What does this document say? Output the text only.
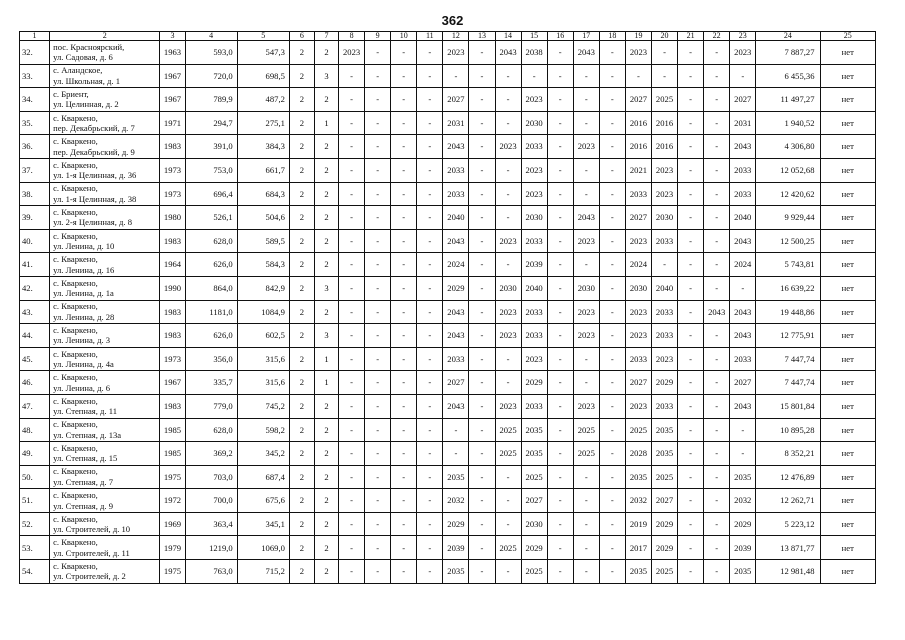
362
1	2	3	4	5	6	7	8	9	10	11	12	13	14	15	16	17	18	19	20	21	22	23	24	25
32.	пос. Красноярский,
ул. Садовая, д. 6	1963	593,0	547,3	2	2	2023	-	-	-	2023	-	2043	2038	-	2043	-	2023	-	-	-	2023	7 887,27	нет
33.	с. Аландское,
ул. Школьная, д. 1	1967	720,0	698,5	2	3	-	-	-	-	-	-	-	-	-	-	-	-	-	-	-	-	6 455,36	нет
34.	с. Бриент,
ул. Целинная, д. 2	1967	789,9	487,2	2	2	-	-	-	-	2027	-	-	2023	-	-	-	2027	2025	-	-	2027	11 497,27	нет
35.	с. Кваркено,
пер. Декабрьский, д. 7	1971	294,7	275,1	2	1	-	-	-	-	2031	-	-	2030	-	-	-	2016	2016	-	-	2031	1 940,52	нет
36.	с. Кваркено,
пер. Декабрьский, д. 9	1983	391,0	384,3	2	2	-	-	-	-	2043	-	2023	2033	-	2023	-	2016	2016	-	-	2043	4 306,80	нет
37.	с. Кваркено,
ул. 1-я Целинная, д. 36	1973	753,0	661,7	2	2	-	-	-	-	2033	-	-	2023	-	-	-	2021	2023	-	-	2033	12 052,68	нет
38.	с. Кваркено,
ул. 1-я Целинная, д. 38	1973	696,4	684,3	2	2	-	-	-	-	2033	-	-	2023	-	-	-	2033	2023	-	-	2033	12 420,62	нет
39.	с. Кваркено,
ул. 2-я Целинная, д. 8	1980	526,1	504,6	2	2	-	-	-	-	2040	-	-	2030	-	2043	-	2027	2030	-	-	2040	9 929,44	нет
40.	с. Кваркено,
ул. Ленина, д. 10	1983	628,0	589,5	2	2	-	-	-	-	2043	-	2023	2033	-	2023	-	2023	2033	-	-	2043	12 500,25	нет
41.	с. Кваркено,
ул. Ленина, д. 16	1964	626,0	584,3	2	2	-	-	-	-	2024	-	-	2039	-	-	-	2024	-	-	-	2024	5 743,81	нет
42.	с. Кваркено,
ул. Ленина, д. 1а	1990	864,0	842,9	2	3	-	-	-	-	2029	-	2030	2040	-	2030	-	2030	2040	-	-	-	16 639,22	нет
43.	с. Кваркено,
ул. Ленина, д. 28	1983	1181,0	1084,9	2	2	-	-	-	-	2043	-	2023	2033	-	2023	-	2023	2033	-	2043	2043	19 448,86	нет
44.	с. Кваркено,
ул. Ленина, д. 3	1983	626,0	602,5	2	3	-	-	-	-	2043	-	2023	2033	-	2023	-	2023	2033	-	-	2043	12 775,91	нет
45.	с. Кваркено,
ул. Ленина, д. 4а	1973	356,0	315,6	2	1	-	-	-	-	2033	-	-	2023	-	-	-	2033	2023	-	-	2033	7 447,74	нет
46.	с. Кваркено,
ул. Ленина, д. 6	1967	335,7	315,6	2	1	-	-	-	-	2027	-	-	2029	-	-	-	2027	2029	-	-	2027	7 447,74	нет
47.	с. Кваркено,
ул. Степная, д. 11	1983	779,0	745,2	2	2	-	-	-	-	2043	-	2023	2033	-	2023	-	2023	2033	-	-	2043	15 801,84	нет
48.	с. Кваркено,
ул. Степная, д. 13а	1985	628,0	598,2	2	2	-	-	-	-	-	-	2025	2035	-	2025	-	2025	2035	-	-	-	10 895,28	нет
49.	с. Кваркено,
ул. Степная, д. 15	1985	369,2	345,2	2	2	-	-	-	-	-	-	2025	2035	-	2025	-	2028	2035	-	-	-	8 352,21	нет
50.	с. Кваркено,
ул. Степная, д. 7	1975	703,0	687,4	2	2	-	-	-	-	2035	-	-	2025	-	-	-	2035	2025	-	-	2035	12 476,89	нет
51.	с. Кваркено,
ул. Степная, д. 9	1972	700,0	675,6	2	2	-	-	-	-	2032	-	-	2027	-	-	-	2032	2027	-	-	2032	12 262,71	нет
52.	с. Кваркено,
ул. Строителей, д. 10	1969	363,4	345,1	2	2	-	-	-	-	2029	-	-	2030	-	-	-	2019	2029	-	-	2029	5 223,12	нет
53.	с. Кваркено,
ул. Строителей, д. 11	1979	1219,0	1069,0	2	2	-	-	-	-	2039	-	2025	2029	-	-	-	2017	2029	-	-	2039	13 871,77	нет
54.	с. Кваркено,
ул. Строителей, д. 2	1975	763,0	715,2	2	2	-	-	-	-	2035	-	-	2025	-	-	-	2035	2025	-	-	2035	12 981,48	нет
